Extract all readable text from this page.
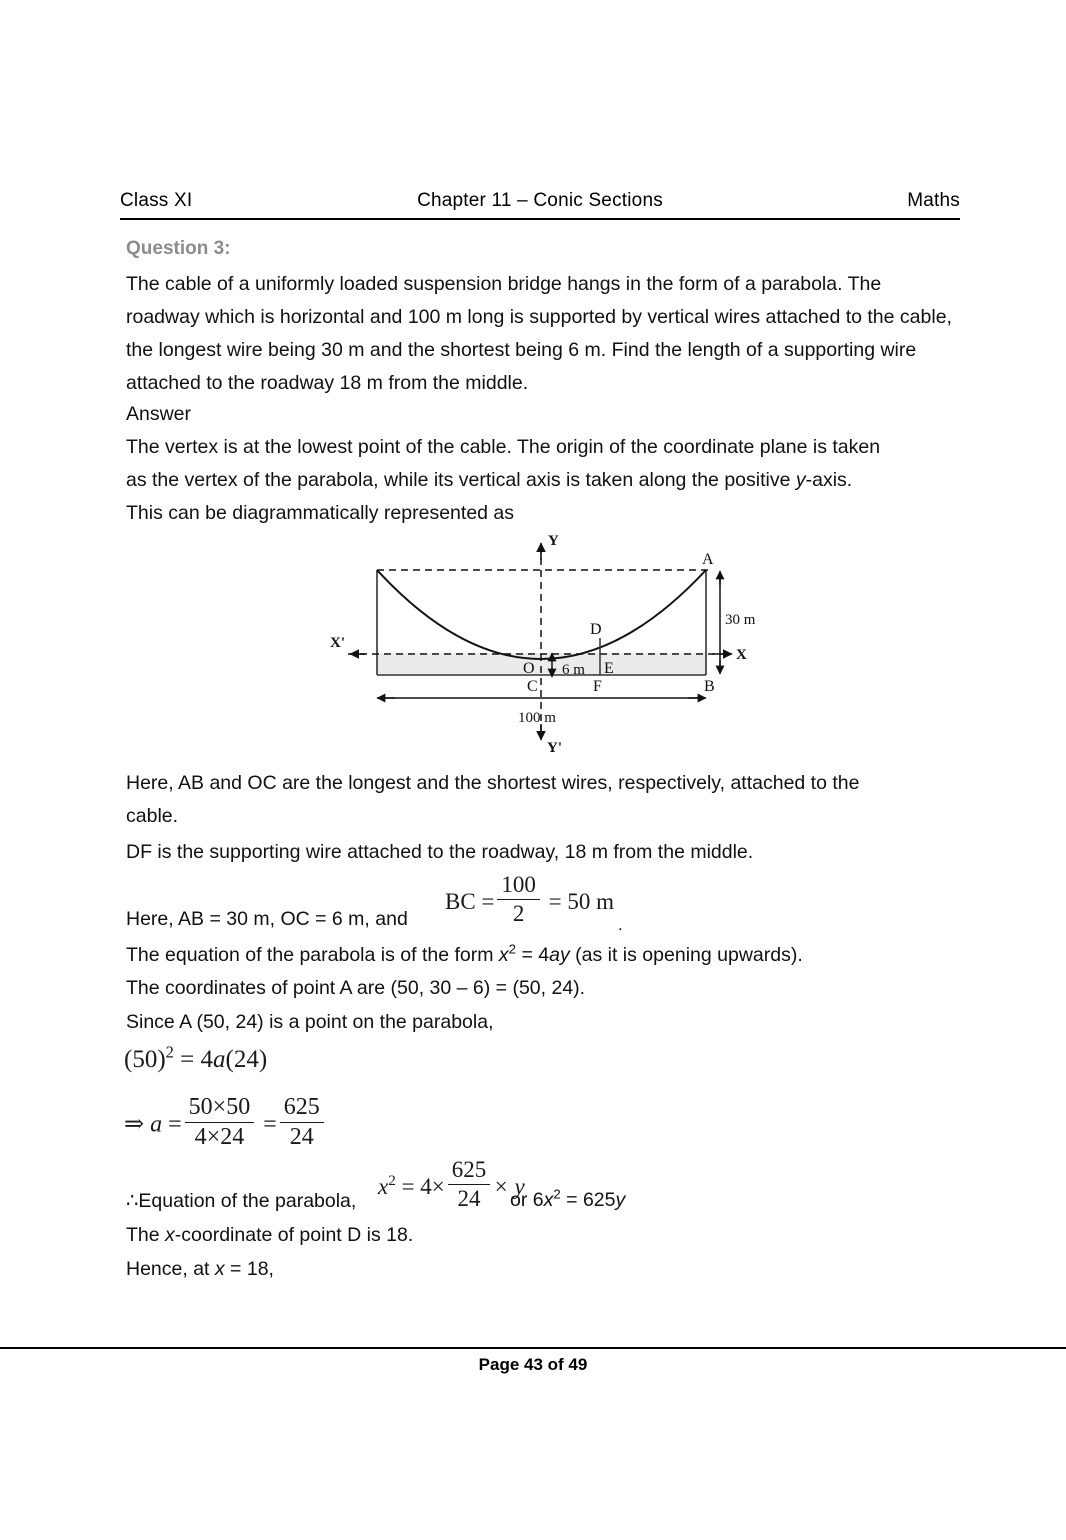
Class XI	Chapter 11 – Conic Sections	Maths
Question 3:
The cable of a uniformly loaded suspension bridge hangs in the form of a parabola. The roadway which is horizontal and 100 m long is supported by vertical wires attached to the cable, the longest wire being 30 m and the shortest being 6 m. Find the length of a supporting wire attached to the roadway 18 m from the middle.
Answer
The vertex is at the lowest point of the cable. The origin of the coordinate plane is taken
as the vertex of the parabola, while its vertical axis is taken along the positive y-axis.
This can be diagrammatically represented as
Y
Y'
X
X'
O
A
B
C
D
E
F
30 m
6 m
100 m
Here, AB and OC are the longest and the shortest wires, respectively, attached to the
cable.
DF is the supporting wire attached to the roadway, 18 m from the middle.
BC = $\frac{100}{2} = 50$ m
Here, AB = 30 m, OC = 6 m, and	.
The equation of the parabola is of the form $x^2 = 4ay$ (as it is opening upwards).
The coordinates of point A are (50, 30 – 6) = (50, 24).
Since A (50, 24) is a point on the parabola,
$(50)^2 = 4a(24)$
⇒ $a = \frac{50\times 50}{4\times 24} = \frac{625}{24}$
$x^2 = 4\times \frac{625}{24} \times y$
∴Equation of the parabola,	or $6x^2 = 625y$
The x-coordinate of point D is 18.
Hence, at x = 18,
Page 43 of 49
